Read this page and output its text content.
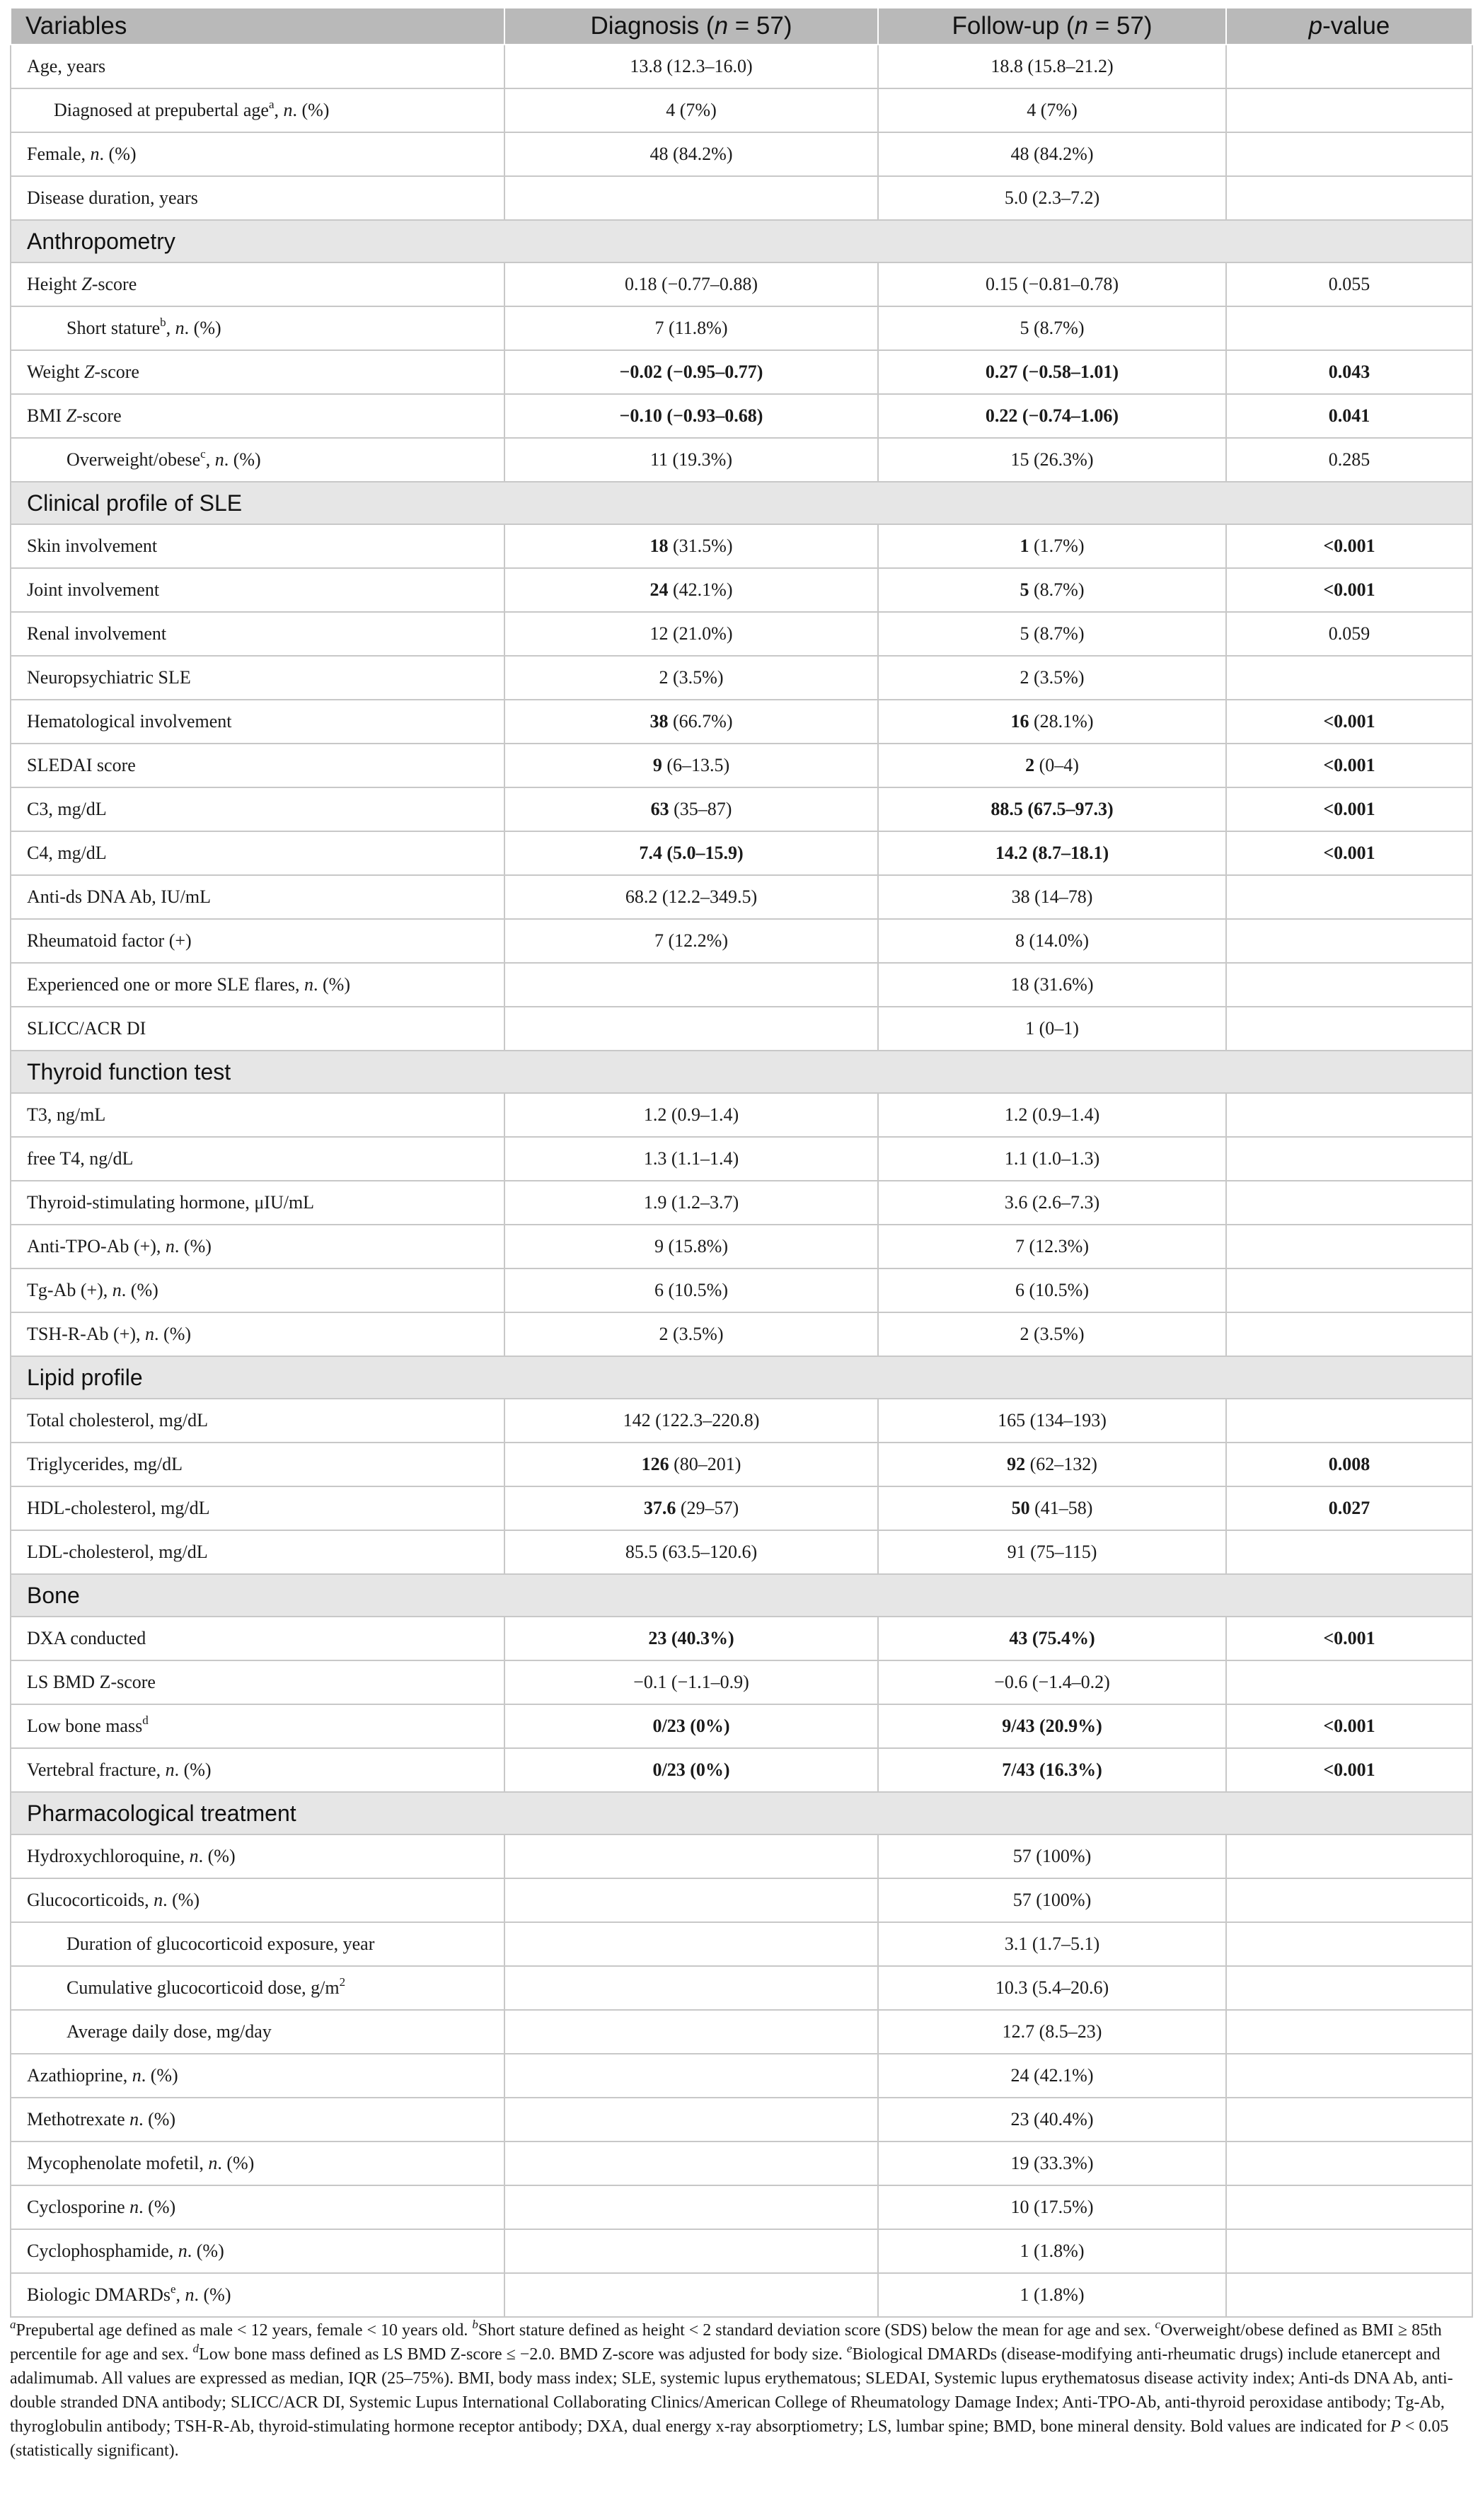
Variables	Diagnosis (n = 57)	Follow-up (n = 57)	p-value
Age, years	13.8 (12.3–16.0)	18.8 (15.8–21.2)	
Diagnosed at prepubertal age$^a$, n. (%)	4 (7%)	4 (7%)	
Female, n. (%)	48 (84.2%)	48 (84.2%)	
Disease duration, years		5.0 (2.3–7.2)	
Anthropometry			
Height Z-score	0.18 (−0.77–0.88)	0.15 (−0.81–0.78)	0.055
Short stature$^b$, n. (%)	7 (11.8%)	5 (8.7%)	
Weight Z-score	−0.02 (−0.95–0.77)	0.27 (−0.58–1.01)	0.043
BMI Z-score	−0.10 (−0.93–0.68)	0.22 (−0.74–1.06)	0.041
Overweight/obese$^c$, n. (%)	11 (19.3%)	15 (26.3%)	0.285
Clinical profile of SLE			
Skin involvement	18 (31.5%)	1 (1.7%)	<0.001
Joint involvement	24 (42.1%)	5 (8.7%)	<0.001
Renal involvement	12 (21.0%)	5 (8.7%)	0.059
Neuropsychiatric SLE	2 (3.5%)	2 (3.5%)	
Hematological involvement	38 (66.7%)	16 (28.1%)	<0.001
SLEDAI score	9 (6–13.5)	2 (0–4)	<0.001
C3, mg/dL	63 (35–87)	88.5 (67.5–97.3)	<0.001
C4, mg/dL	7.4 (5.0–15.9)	14.2 (8.7–18.1)	<0.001
Anti-ds DNA Ab, IU/mL	68.2 (12.2–349.5)	38 (14–78)	
Rheumatoid factor (+)	7 (12.2%)	8 (14.0%)	
Experienced one or more SLE flares, n. (%)		18 (31.6%)	
SLICC/ACR DI		1 (0–1)	
Thyroid function test			
T3, ng/mL	1.2 (0.9–1.4)	1.2 (0.9–1.4)	
free T4, ng/dL	1.3 (1.1–1.4)	1.1 (1.0–1.3)	
Thyroid-stimulating hormone, μIU/mL	1.9 (1.2–3.7)	3.6 (2.6–7.3)	
Anti-TPO-Ab (+), n. (%)	9 (15.8%)	7 (12.3%)	
Tg-Ab (+), n. (%)	6 (10.5%)	6 (10.5%)	
TSH-R-Ab (+), n. (%)	2 (3.5%)	2 (3.5%)	
Lipid profile			
Total cholesterol, mg/dL	142 (122.3–220.8)	165 (134–193)	
Triglycerides, mg/dL	126 (80–201)	92 (62–132)	0.008
HDL-cholesterol, mg/dL	37.6 (29–57)	50 (41–58)	0.027
LDL-cholesterol, mg/dL	85.5 (63.5–120.6)	91 (75–115)	
Bone			
DXA conducted	23 (40.3%)	43 (75.4%)	<0.001
LS BMD Z-score	−0.1 (−1.1–0.9)	−0.6 (−1.4–0.2)	
Low bone mass$^d$	0/23 (0%)	9/43 (20.9%)	<0.001
Vertebral fracture, n. (%)	0/23 (0%)	7/43 (16.3%)	<0.001
Pharmacological treatment			
Hydroxychloroquine, n. (%)		57 (100%)	
Glucocorticoids, n. (%)		57 (100%)	
Duration of glucocorticoid exposure, year		3.1 (1.7–5.1)	
Cumulative glucocorticoid dose, $g/m^2$		10.3 (5.4–20.6)	
Average daily dose, mg/day		12.7 (8.5–23)	
Azathioprine, n. (%)		24 (42.1%)	
Methotrexate n. (%)		23 (40.4%)	
Mycophenolate mofetil, n. (%)		19 (33.3%)	
Cyclosporine n. (%)		10 (17.5%)	
Cyclophosphamide, n. (%)		1 (1.8%)	
Biologic DMARDs$^e$, n. (%)		1 (1.8%)	
$^a$Prepubertal age defined as male < 12 years, female < 10 years old. $^b$Short stature defined as height < 2 standard deviation score (SDS) below the mean for age and sex. $^c$Overweight/obese defined as BMI ≥ 85th percentile for age and sex. $^d$Low bone mass defined as LS BMD Z-score ≤ −2.0. BMD Z-score was adjusted for body size. $^e$Biological DMARDs (disease-modifying anti-rheumatic drugs) include etanercept and adalimumab. All values are expressed as median, IQR (25–75%). BMI, body mass index; SLE, systemic lupus erythematous; SLEDAI, Systemic lupus erythematosus disease activity index; Anti-ds DNA Ab, anti-double stranded DNA antibody; SLICC/ACR DI, Systemic Lupus International Collaborating Clinics/American College of Rheumatology Damage Index; Anti-TPO-Ab, anti-thyroid peroxidase antibody; Tg-Ab, thyroglobulin antibody; TSH-R-Ab, thyroid-stimulating hormone receptor antibody; DXA, dual energy x-ray absorptiometry; LS, lumbar spine; BMD, bone mineral density. Bold values are indicated for P < 0.05 (statistically significant).
